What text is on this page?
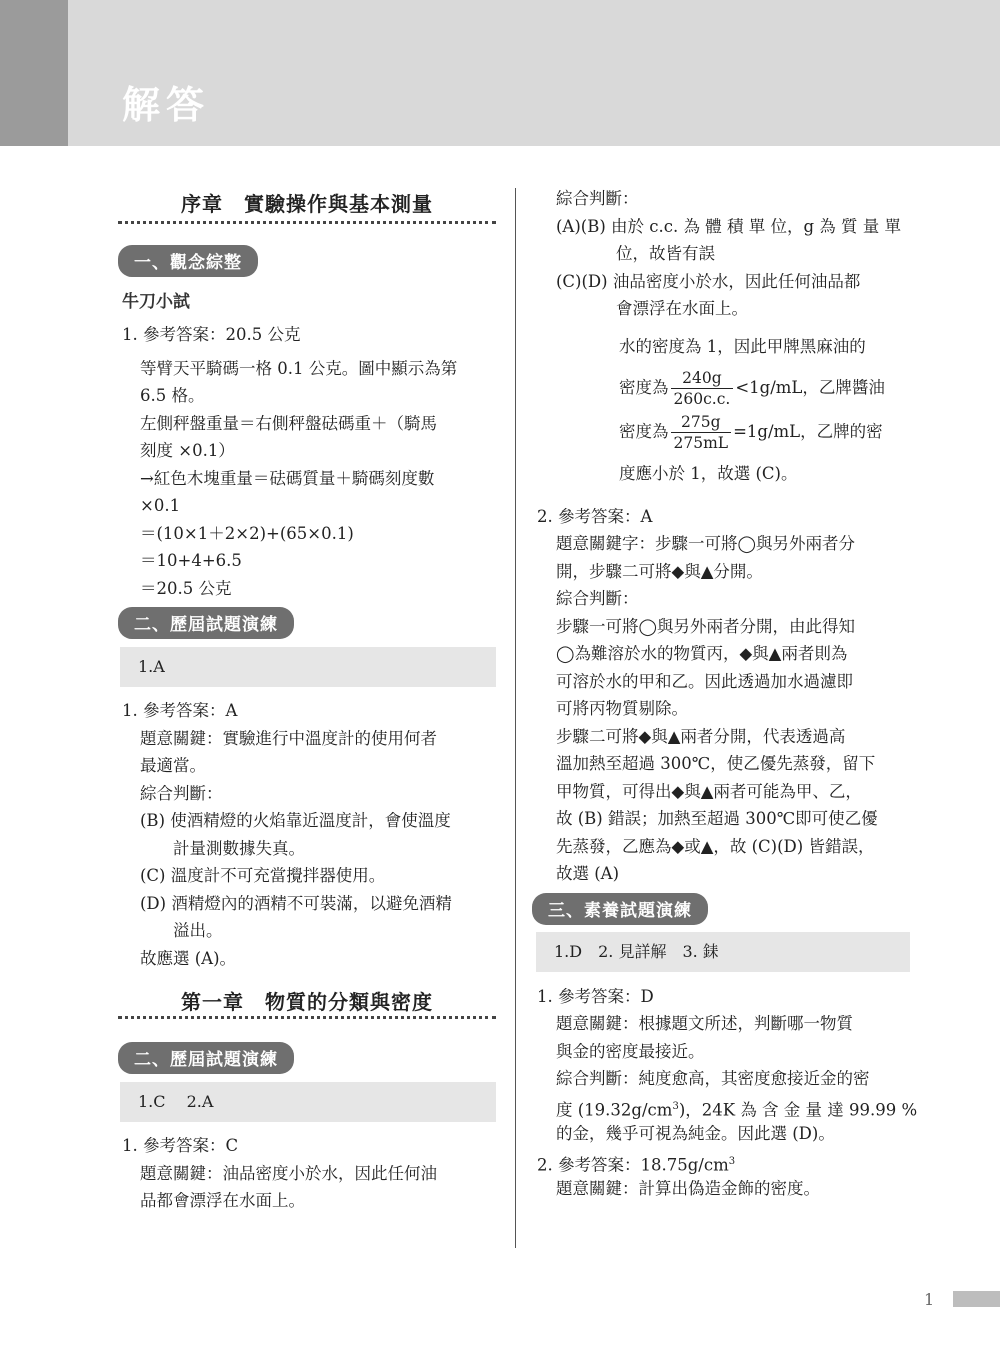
解答
序章　實驗操作與基本測量
一、觀念綜整
牛刀小試
1. 參考答案：20.5 公克
等臂天平騎碼一格 0.1 公克。圖中顯示為第
6.5 格。
左側秤盤重量＝右側秤盤砝碼重＋（騎馬
刻度 ×0.1）
→紅色木塊重量＝砝碼質量＋騎碼刻度數
×0.1
＝(10×1＋2×2)+(65×0.1)
＝10+4+6.5
＝20.5 公克
二、歷屆試題演練
1.A
1. 參考答案：A
題意關鍵：實驗進行中溫度計的使用何者
最適當。
綜合判斷：
(B) 使酒精燈的火焰靠近溫度計，會使溫度
計量測數據失真。
(C) 溫度計不可充當攪拌器使用。
(D) 酒精燈內的酒精不可裝滿，以避免酒精
溢出。
故應選 (A)。
第一章　物質的分類與密度
二、歷屆試題演練
1.C　 2.A
1. 參考答案：C
題意關鍵：油品密度小於水，因此任何油
品都會漂浮在水面上。
綜合判斷：
(A)(B) 由於 c.c. 為 體 積 單 位，g 為 質 量 單
位，故皆有誤
(C)(D) 油品密度小於水，因此任何油品都
會漂浮在水面上。
水的密度為 1，因此甲牌黑麻油的
密度為 $\frac{240g}{260c.c.} <1g/mL$，乙牌醬油
密度為 $\frac{275g}{275mL} =1g/mL$，乙牌的密
度應小於 1，故選 (C)。
2. 參考答案：A
題意關鍵字：步驟一可將◯與另外兩者分
開，步驟二可將◆與▲分開。
綜合判斷：
步驟一可將◯與另外兩者分開，由此得知
◯為難溶於水的物質丙，◆與▲兩者則為
可溶於水的甲和乙。因此透過加水過濾即
可將丙物質剔除。
步驟二可將◆與▲兩者分開，代表透過高
溫加熱至超過 300℃，使乙優先蒸發，留下
甲物質，可得出◆與▲兩者可能為甲、乙，
故 (B) 錯誤；加熱至超過 300℃即可使乙優
先蒸發，乙應為◆或▲，故 (C)(D) 皆錯誤，
故選 (A)
三、素養試題演練
1.D　2. 見詳解　3. 銇
1. 參考答案：D
題意關鍵：根據題文所述，判斷哪一物質
與金的密度最接近。
綜合判斷：純度愈高，其密度愈接近金的密
度 $(19.32g/cm^3)$，24K 為 含 金 量 達 99.99 %
的金，幾乎可視為純金。因此選 (D)。
2. 參考答案：$18.75g/cm^3$
題意關鍵：計算出偽造金飾的密度。
1
